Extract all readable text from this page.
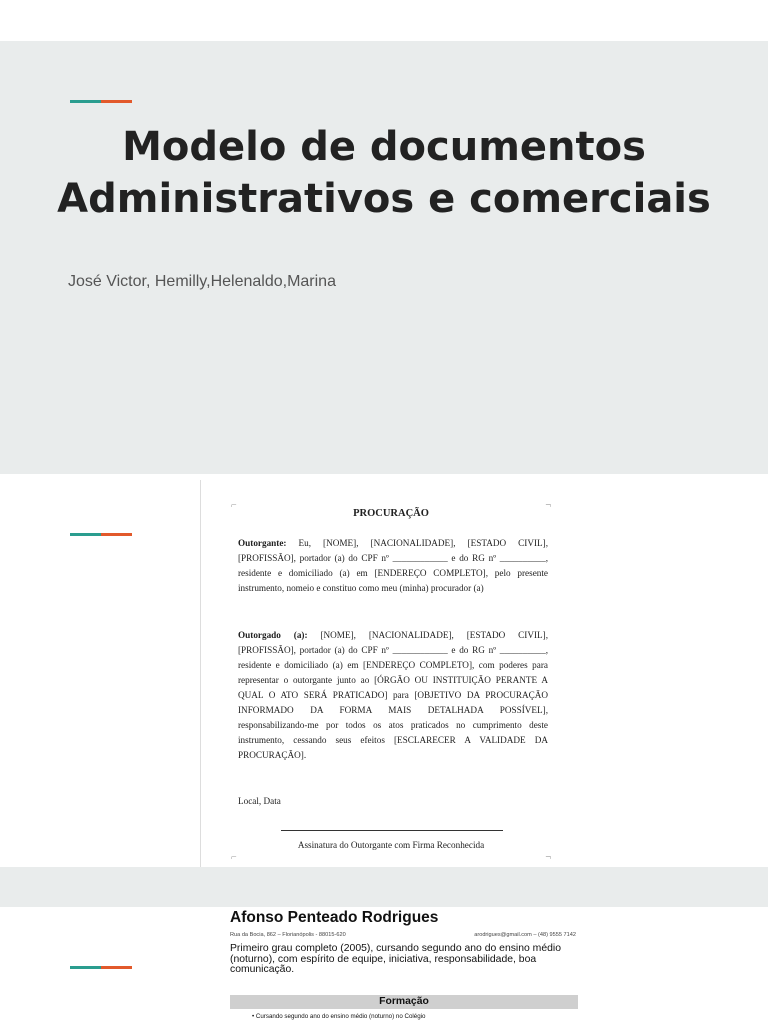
Modelo de documentos
Administrativos e comerciais
José Victor, Hemilly,Helenaldo,Marina
⌐	¬
⌐	¬
PROCURAÇÃO
Outorgante: Eu, [NOME], [NACIONALIDADE], [ESTADO CIVIL], [PROFISSÃO], portador (a) do CPF nº ____________ e do RG nº __________, residente e domiciliado (a) em [ENDEREÇO COMPLETO], pelo presente instrumento, nomeio e constituo como meu (minha) procurador (a)
Outorgado (a): [NOME], [NACIONALIDADE], [ESTADO CIVIL], [PROFISSÃO], portador (a) do CPF nº ____________ e do RG nº __________, residente e domiciliado (a) em [ENDEREÇO COMPLETO], com poderes para representar o outorgante junto ao [ÓRGÃO OU INSTITUIÇÃO PERANTE A QUAL O ATO SERÁ PRATICADO] para [OBJETIVO DA PROCURAÇÃO INFORMADO DA FORMA MAIS DETALHADA POSSÍVEL], responsabilizando-me por todos os atos praticados no cumprimento deste instrumento, cessando seus efeitos [ESCLARECER A VALIDADE DA PROCURAÇÃO].
Local, Data
Assinatura do Outorgante com Firma Reconhecida
Afonso Penteado Rodrigues
Rua da Bocia, 862 – Florianópolis - 88015-620	arodrigues@gmail.com – (48) 9555 7142
Primeiro grau completo (2005), cursando segundo ano do ensino médio (noturno), com espírito de equipe, iniciativa, responsabilidade, boa comunicação.
Formação
• Cursando segundo ano do ensino médio (noturno) no Colégio
